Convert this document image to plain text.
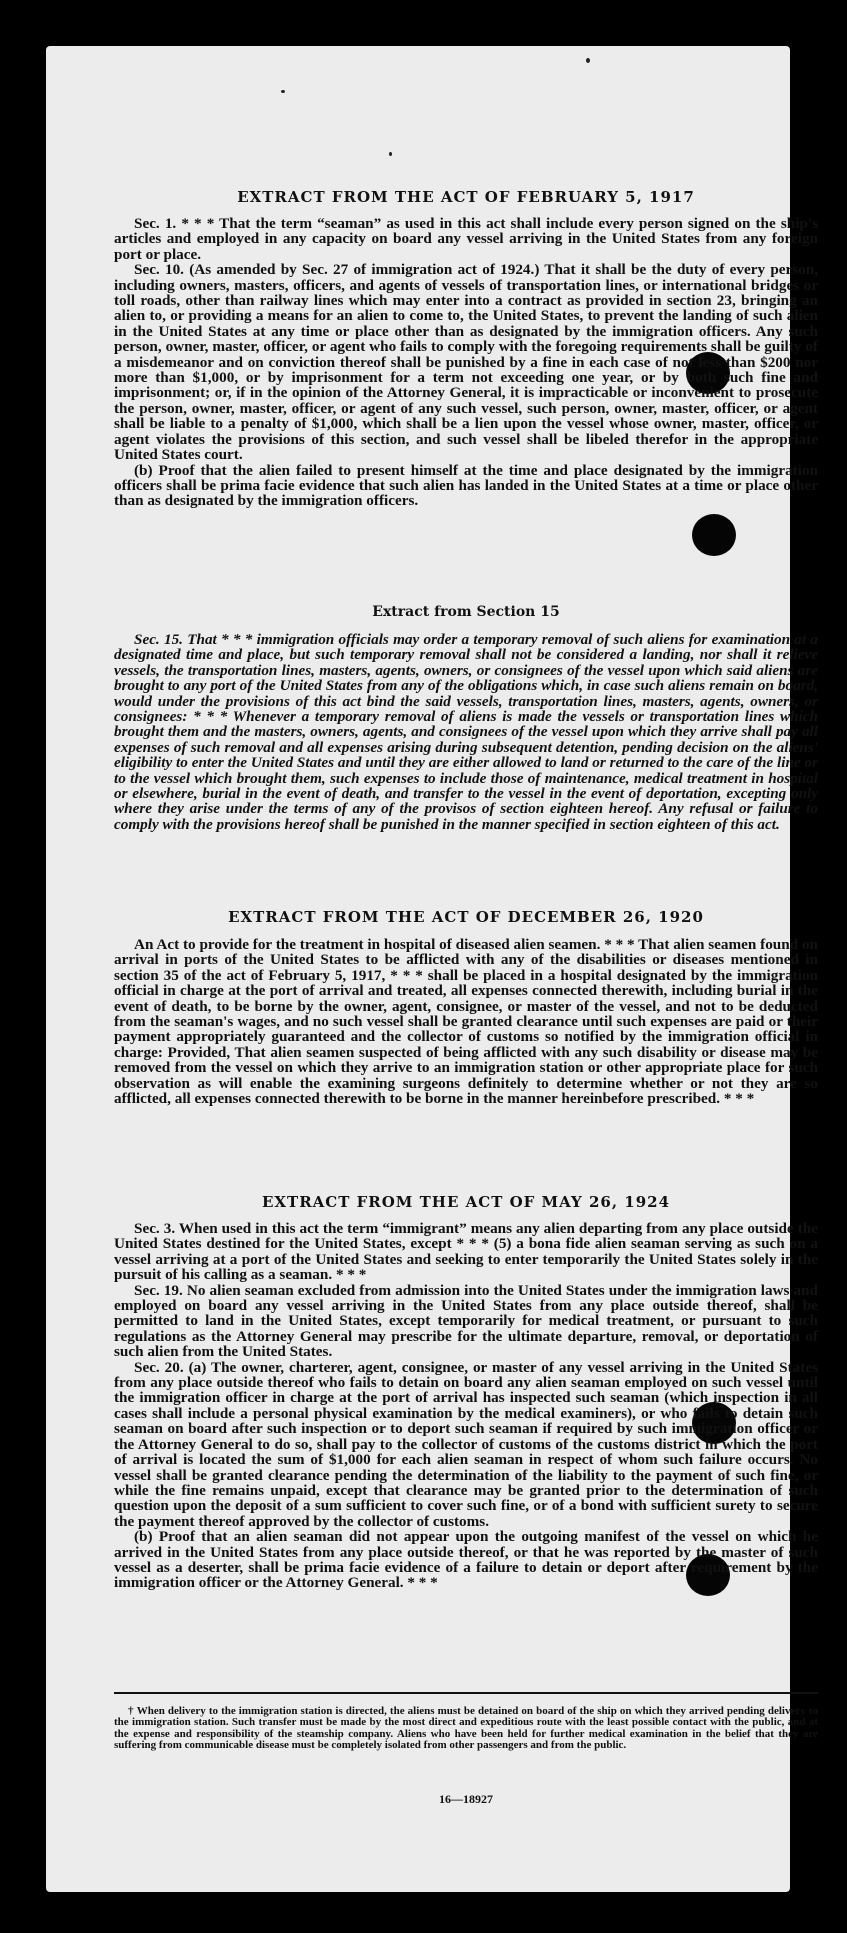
EXTRACT FROM THE ACT OF FEBRUARY 5, 1917

Sec. 1. * * * That the term “seaman” as used in this act shall include every person signed on the ship's articles and employed in any capacity on board any vessel arriving in the United States from any foreign port or place.

Sec. 10. (As amended by Sec. 27 of immigration act of 1924.) That it shall be the duty of every person, including owners, masters, officers, and agents of vessels of transportation lines, or international bridges or toll roads, other than railway lines which may enter into a contract as provided in section 23, bringing an alien to, or providing a means for an alien to come to, the United States, to prevent the landing of such alien in the United States at any time or place other than as designated by the immigration officers. Any such person, owner, master, officer, or agent who fails to comply with the foregoing requirements shall be guilty of a misdemeanor and on conviction thereof shall be punished by a fine in each case of not less than $200 nor more than $1,000, or by imprisonment for a term not exceeding one year, or by both such fine and imprisonment; or, if in the opinion of the Attorney General, it is impracticable or inconvenient to prosecute the person, owner, master, officer, or agent of any such vessel, such person, owner, master, officer, or agent shall be liable to a penalty of $1,000, which shall be a lien upon the vessel whose owner, master, officer, or agent violates the provisions of this section, and such vessel shall be libeled therefor in the appropriate United States court.

(b) Proof that the alien failed to present himself at the time and place designated by the immigration officers shall be prima facie evidence that such alien has landed in the United States at a time or place other than as designated by the immigration officers.

Extract from Section 15

Sec. 15. That * * * immigration officials may order a temporary removal of such aliens for examination at a designated time and place, but such temporary removal shall not be considered a landing, nor shall it relieve vessels, the transportation lines, masters, agents, owners, or consignees of the vessel upon which said aliens are brought to any port of the United States from any of the obligations which, in case such aliens remain on board, would under the provisions of this act bind the said vessels, transportation lines, masters, agents, owners, or consignees: * * * Whenever a temporary removal of aliens is made the vessels or transportation lines which brought them and the masters, owners, agents, and consignees of the vessel upon which they arrive shall pay all expenses of such removal and all expenses arising during subsequent detention, pending decision on the aliens' eligibility to enter the United States and until they are either allowed to land or returned to the care of the line or to the vessel which brought them, such expenses to include those of maintenance, medical treatment in hospital or elsewhere, burial in the event of death, and transfer to the vessel in the event of deportation, excepting only where they arise under the terms of any of the provisos of section eighteen hereof. Any refusal or failure to comply with the provisions hereof shall be punished in the manner specified in section eighteen of this act.

EXTRACT FROM THE ACT OF DECEMBER 26, 1920

An Act to provide for the treatment in hospital of diseased alien seamen. * * * That alien seamen found on arrival in ports of the United States to be afflicted with any of the disabilities or diseases mentioned in section 35 of the act of February 5, 1917, * * * shall be placed in a hospital designated by the immigration official in charge at the port of arrival and treated, all expenses connected therewith, including burial in the event of death, to be borne by the owner, agent, consignee, or master of the vessel, and not to be deducted from the seaman's wages, and no such vessel shall be granted clearance until such expenses are paid or their payment appropriately guaranteed and the collector of customs so notified by the immigration official in charge: Provided, That alien seamen suspected of being afflicted with any such disability or disease may be removed from the vessel on which they arrive to an immigration station or other appropriate place for such observation as will enable the examining surgeons definitely to determine whether or not they are so afflicted, all expenses connected therewith to be borne in the manner hereinbefore prescribed. * * *

EXTRACT FROM THE ACT OF MAY 26, 1924

Sec. 3. When used in this act the term “immigrant” means any alien departing from any place outside the United States destined for the United States, except * * * (5) a bona fide alien seaman serving as such on a vessel arriving at a port of the United States and seeking to enter temporarily the United States solely in the pursuit of his calling as a seaman. * * *

Sec. 19. No alien seaman excluded from admission into the United States under the immigration laws and employed on board any vessel arriving in the United States from any place outside thereof, shall be permitted to land in the United States, except temporarily for medical treatment, or pursuant to such regulations as the Attorney General may prescribe for the ultimate departure, removal, or deportation of such alien from the United States.

Sec. 20. (a) The owner, charterer, agent, consignee, or master of any vessel arriving in the United States from any place outside thereof who fails to detain on board any alien seaman employed on such vessel until the immigration officer in charge at the port of arrival has inspected such seaman (which inspection in all cases shall include a personal physical examination by the medical examiners), or who fails to detain such seaman on board after such inspection or to deport such seaman if required by such immigration officer or the Attorney General to do so, shall pay to the collector of customs of the customs district in which the port of arrival is located the sum of $1,000 for each alien seaman in respect of whom such failure occurs. No vessel shall be granted clearance pending the determination of the liability to the payment of such fine, or while the fine remains unpaid, except that clearance may be granted prior to the determination of such question upon the deposit of a sum sufficient to cover such fine, or of a bond with sufficient surety to secure the payment thereof approved by the collector of customs.

(b) Proof that an alien seaman did not appear upon the outgoing manifest of the vessel on which he arrived in the United States from any place outside thereof, or that he was reported by the master of such vessel as a deserter, shall be prima facie evidence of a failure to detain or deport after requirement by the immigration officer or the Attorney General. * * *

† When delivery to the immigration station is directed, the aliens must be detained on board of the ship on which they arrived pending delivery to the immigration station. Such transfer must be made by the most direct and expeditious route with the least possible contact with the public, and at the expense and responsibility of the steamship company. Aliens who have been held for further medical examination in the belief that they are suffering from communicable disease must be completely isolated from other passengers and from the public.

16—18927
